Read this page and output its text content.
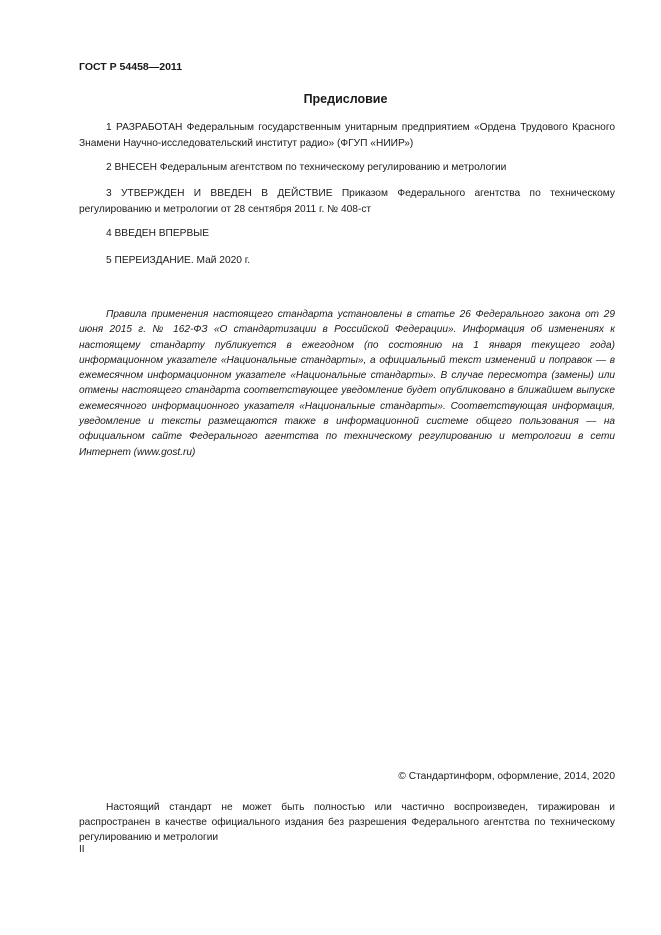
ГОСТ Р 54458—2011
Предисловие
1 РАЗРАБОТАН Федеральным государственным унитарным предприятием «Ордена Трудового Красного Знамени Научно-исследовательский институт радио» (ФГУП «НИИР»)
2 ВНЕСЕН Федеральным агентством по техническому регулированию и метрологии
3 УТВЕРЖДЕН И ВВЕДЕН В ДЕЙСТВИЕ Приказом Федерального агентства по техническому регулированию и метрологии от 28 сентября 2011 г. № 408-ст
4 ВВЕДЕН ВПЕРВЫЕ
5 ПЕРЕИЗДАНИЕ. Май 2020 г.
Правила применения настоящего стандарта установлены в статье 26 Федерального закона от 29 июня 2015 г. № 162-ФЗ «О стандартизации в Российской Федерации». Информация об изменениях к настоящему стандарту публикуется в ежегодном (по состоянию на 1 января текущего года) информационном указателе «Национальные стандарты», а официальный текст изменений и поправок — в ежемесячном информационном указателе «Национальные стандарты». В случае пересмотра (замены) или отмены настоящего стандарта соответствующее уведомление будет опубликовано в ближайшем выпуске ежемесячного информационного указателя «Национальные стандарты». Соответствующая информация, уведомление и тексты размещаются также в информационной системе общего пользования — на официальном сайте Федерального агентства по техническому регулированию и метрологии в сети Интернет (www.gost.ru)
© Стандартинформ, оформление, 2014, 2020
Настоящий стандарт не может быть полностью или частично воспроизведен, тиражирован и распространен в качестве официального издания без разрешения Федерального агентства по техническому регулированию и метрологии
II
